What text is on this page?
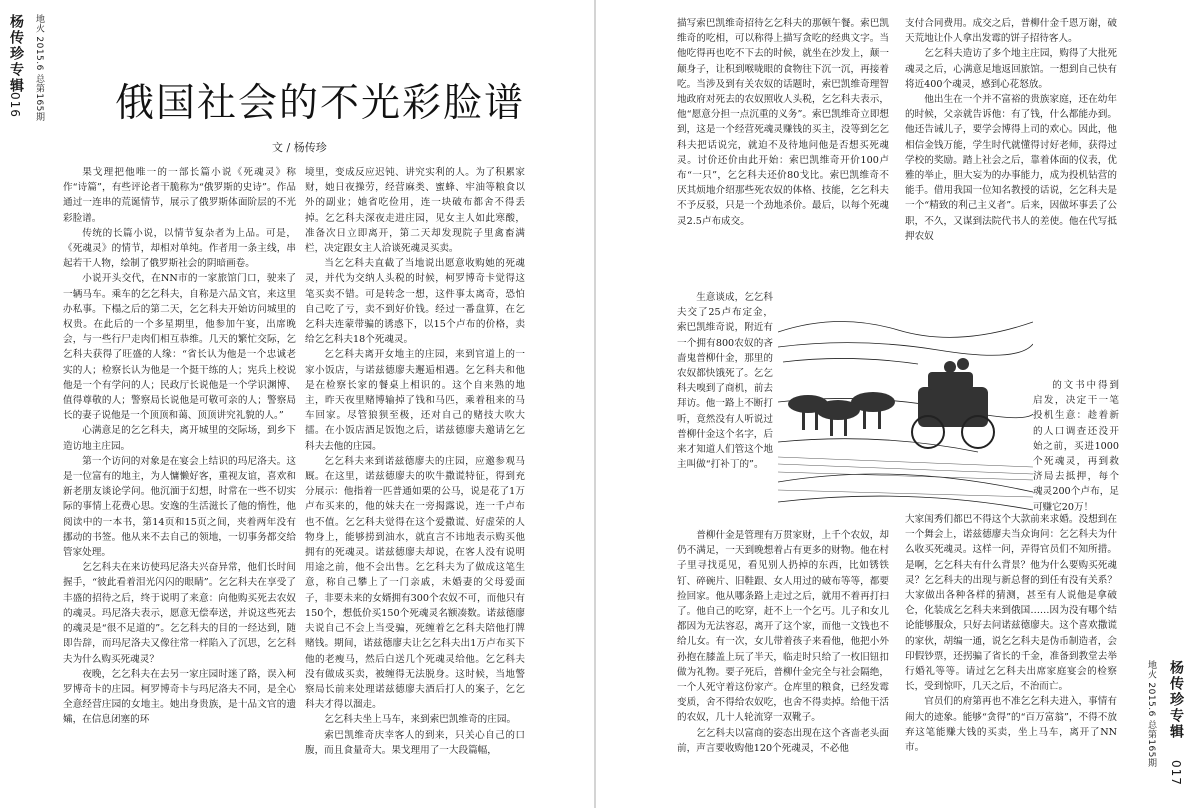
杨传珍专辑
016 地火 2015.6 总第165期 俄国社会的不光彩脸谱
文 / 杨传珍

果戈理把他唯一的一部长篇小说《死魂灵》称作“诗篇”，有些评论者干脆称为“俄罗斯的史诗”。作品通过一连串的荒诞情节，展示了俄罗斯体面阶层的不光彩脸谱。

传统的长篇小说，以情节复杂者为上品。可是，《死魂灵》的情节，却相对单纯。作者用一条主线，串起若干人物，绘制了俄罗斯社会的阴暗画卷。

小说开头交代，在NN市的一家旅馆门口，驶来了一辆马车。乘车的乞乞科夫，自称是六品文官，来这里办私事。下榻之后的第二天，乞乞科夫开始访问城里的权贵。在此后的一个多星期里，他参加午宴，出席晚会，与一些行尸走肉们相互恭维。几天的繁忙交际，乞乞科夫获得了旺盛的人缘：“省长认为他是一个忠诚老实的人；检察长认为他是一个挺干练的人；宪兵上校说他是一个有学问的人；民政厅长说他是一个学识渊博、值得尊敬的人；警察局长说他是可敬可亲的人；警察局长的妻子说他是一个顶顶和蔼、顶顶讲究礼貌的人。”

心满意足的乞乞科夫，离开城里的交际场，到乡下造访地主庄园。

第一个访问的对象是在宴会上结识的玛尼洛夫。这是一位富有的地主，为人慵懒好客，重视友谊，喜欢和新老朋友谈论学问。他沉湎于幻想，时常在一些不切实际的事情上花费心思。安逸的生活滋长了他的惰性，他阅读中的一本书，第14页和15页之间，夹着两年没有挪动的书签。他从来不去自己的领地，一切事务都交给管家处理。

乞乞科夫在来访使玛尼洛夫兴奋异常，他们长时间握手，“彼此看着泪光闪闪的眼睛”。乞乞科夫在享受了丰盛的招待之后，终于说明了来意：向他购买死去农奴的魂灵。玛尼洛夫表示，愿意无偿奉送，并说这些死去的魂灵是“很不足道的”。乞乞科夫的目的一经达到，随即告辞，而玛尼洛夫又像往常一样陷入了沉思，乞乞科夫为什么购买死魂灵？

夜晚，乞乞科夫在去另一家庄园时迷了路，误入柯罗博奇卡的庄园。柯罗博奇卡与玛尼洛夫不同，是全心全意经营庄园的女地主。她出身贵族，是十品文官的遗孀，在信息闭塞的环

境里，变成反应迟钝、讲究实利的人。为了积累家财，她日夜操劳，经营麻类、蜜蜂、牢油等粮食以外的副业；她省吃俭用，连一块破布都舍不得丢掉。乞乞科夫深夜走进庄园，见女主人如此寒酸，准备次日立即离开，第二天却发现院子里禽畜满栏，决定跟女主人洽谈死魂灵买卖。

当乞乞科夫直截了当地说出愿意收购她的死魂灵，并代为交纳人头税的时候，柯罗博奇卡觉得这笔买卖不错。可是转念一想，这件事太离奇，恐怕自己吃了亏，卖不到好价钱。经过一番盘算，在乞乞科夫连蒙带骗的诱惑下，以15个卢布的价格，卖给乞乞科夫18个死魂灵。

乞乞科夫离开女地主的庄园，来到官道上的一家小饭店，与诺兹德廖夫邂逅相遇。乞乞科夫和他是在检察长家的餐桌上相识的。这个自来熟的地主，昨天夜里赌博输掉了钱和马匹，乘着租来的马车回家。尽管狼狈至极，还对自己的赌技大吹大擂。在小饭店酒足饭饱之后，诺兹德廖夫邀请乞乞科夫去他的庄园。

乞乞科夫来到诺兹德廖夫的庄园，应邀参观马厩。在这里，诺兹德廖夫的吹牛撒谎特征，得到充分展示：他指着一匹普通如栗的公马，说是花了1万卢布买来的，他的妹夫在一旁揭露说，连一千卢布也不值。乞乞科夫觉得在这个爱撒谎、好虚荣的人物身上，能够捞到油水，就直言不讳地表示购买他拥有的死魂灵。诺兹德廖夫却说，在客人没有说明用途之前，他不会出售。乞乞科夫为了做成这笔生意，称自己攀上了一门亲戚，未婚妻的父母爱面子，非要未来的女婿拥有300个农奴不可，而他只有150个，想低价买150个死魂灵名额凑数。诺兹德廖夫说自己不会上当受骗，死缠着乞乞科夫陪他打牌赌钱。期间，诺兹德廖夫让乞乞科夫出1万卢布买下他的老瘦马，然后白送几个死魂灵给他。乞乞科夫没有做成买卖，被缠得无法脱身。这时候，当地警察局长前来处理诺兹德廖夫酒后打人的案子，乞乞科夫才得以溜走。

乞乞科夫坐上马车，来到索巴凯维奇的庄园。

索巴凯维奇庆幸客人的到来，只关心自己的口腹，而且食量奇大。果戈理用了一大段篇幅，

描写索巴凯维奇招待乞乞科夫的那顿午餐。索巴凯维奇的吃相，可以称得上描写贪吃的经典文字。当他吃得再也吃不下去的时候，就坐在沙发上，颠一颠身子，让积到喉咙眼的食物往下沉一沉，再接着吃。当涉及到有关农奴的话题时，索巴凯维奇理智地政府对死去的农奴照收人头税，乞乞科夫表示，他“愿意分担一点沉重的义务”。索巴凯维奇立即想到，这是一个经营死魂灵赚钱的买主，没等到乞乞科夫把话说完，就迫不及待地问他是否想买死魂灵。讨价还价由此开始：索巴凯维奇开价100卢布“一只”，乞乞科夫还价80戈比。索巴凯维奇不厌其烦地介绍那些死农奴的体格、技能，乞乞科夫不予反驳，只是一个劲地杀价。最后，以每个死魂灵2.5卢布成交。

生意谈成，乞乞科夫交了25卢布定金，索巴凯维奇说，附近有一个拥有800农奴的吝啬鬼普柳什金，那里的农奴都快饿死了。乞乞科夫嗅到了商机，前去拜访。他一路上不断打听，竟然没有人听说过普柳什金这个名字，后来才知道人们管这个地主叫做“打补丁的”。

普柳什金是管理有万贯家财，上千个农奴，却仍不满足，一天到晚想着占有更多的财物。他在村子里寻找觅见，看见别人扔掉的东西，比如锈铁钉、碎碗片、旧鞋跟、女人用过的破布等等，都要捡回家。他从哪条路上走过之后，就用不着再打扫了。他自己的吃穿，赶不上一个乞丐。儿子和女儿都因为无法容忍，离开了这个家，而他一文钱也不给儿女。有一次，女儿带着孩子来看他，他把小外孙抱在膝盖上玩了半天，临走时只给了一枚旧钮扣做为礼物。要子死后，普柳什金完全与社会隔绝，一个人死守着这份家产。仓库里的粮食，已经发霉变质，舍不得给农奴吃，也舍不得卖掉。给他干活的农奴，几十人轮流穿一双靴子。

乞乞科夫以富商的姿态出现在这个吝啬老头面前，声言要收购他120个死魂灵，不必他

支付合同费用。成交之后，普柳什金千恩万谢，破天荒地让仆人拿出发霉的饼子招待客人。

乞乞科夫造访了多个地主庄园，购得了大批死魂灵之后，心满意足地返回旅馆。一想到自己快有将近400个魂灵，感到心花怒放。

他出生在一个并不富裕的贵族家庭，还在幼年的时候，父亲就告诉他：有了钱，什么都能办到。他还告诫儿子，要学会博得上司的欢心。因此，他相信金钱万能，学生时代就懂得讨好老师，获得过学校的奖励。踏上社会之后，靠着体面的仪表，优雅的举止，胆大妄为的办事能力，成为投机钻营的能手。借用我国一位知名教授的话说，乞乞科夫是一个“精致的利己主义者”。后来，因做坏事丢了公职，不久，又谋到法院代书人的差使。他在代写抵押农奴

的文书中得到启发，决定干一笔投机生意：趁着新的人口调查还没开始之前，买进1000个死魂灵，再到救济局去抵押，每个魂灵200个卢布，足可赚它20万！

大家闺秀们都巴不得这个大款前来求婚。没想到在一个舞会上，诺兹德廖夫当众询问：乞乞科夫为什么收买死魂灵。这样一问，弄得官员们不知所措。是啊，乞乞科夫有什么背景？他为什么要购买死魂灵？乞乞科夫的出现与新总督的到任有没有关系？大家做出各种各样的猜测，甚至有人说他是拿破仑，化装成乞乞科夫来到俄国……因为没有哪个结论能够服众，只好去问诺兹德廖夫。这个喜欢撒谎的家伙，胡编一通，说乞乞科夫是伪币制造者，会印假钞票，还拐骗了省长的千金，准备到教堂去举行婚礼等等。请过乞乞科夫出席家庭宴会的检察长，受到惊吓，几天之后，不治而亡。

官员们的府第再也不准乞乞科夫进入，事情有闹大的迹象。能够“贪得”的“百万富翁”，不得不放弃这笔能赚大钱的买卖，坐上马车，离开了NN市。	地火 2015.6 总第165期 杨传珍专辑
017
